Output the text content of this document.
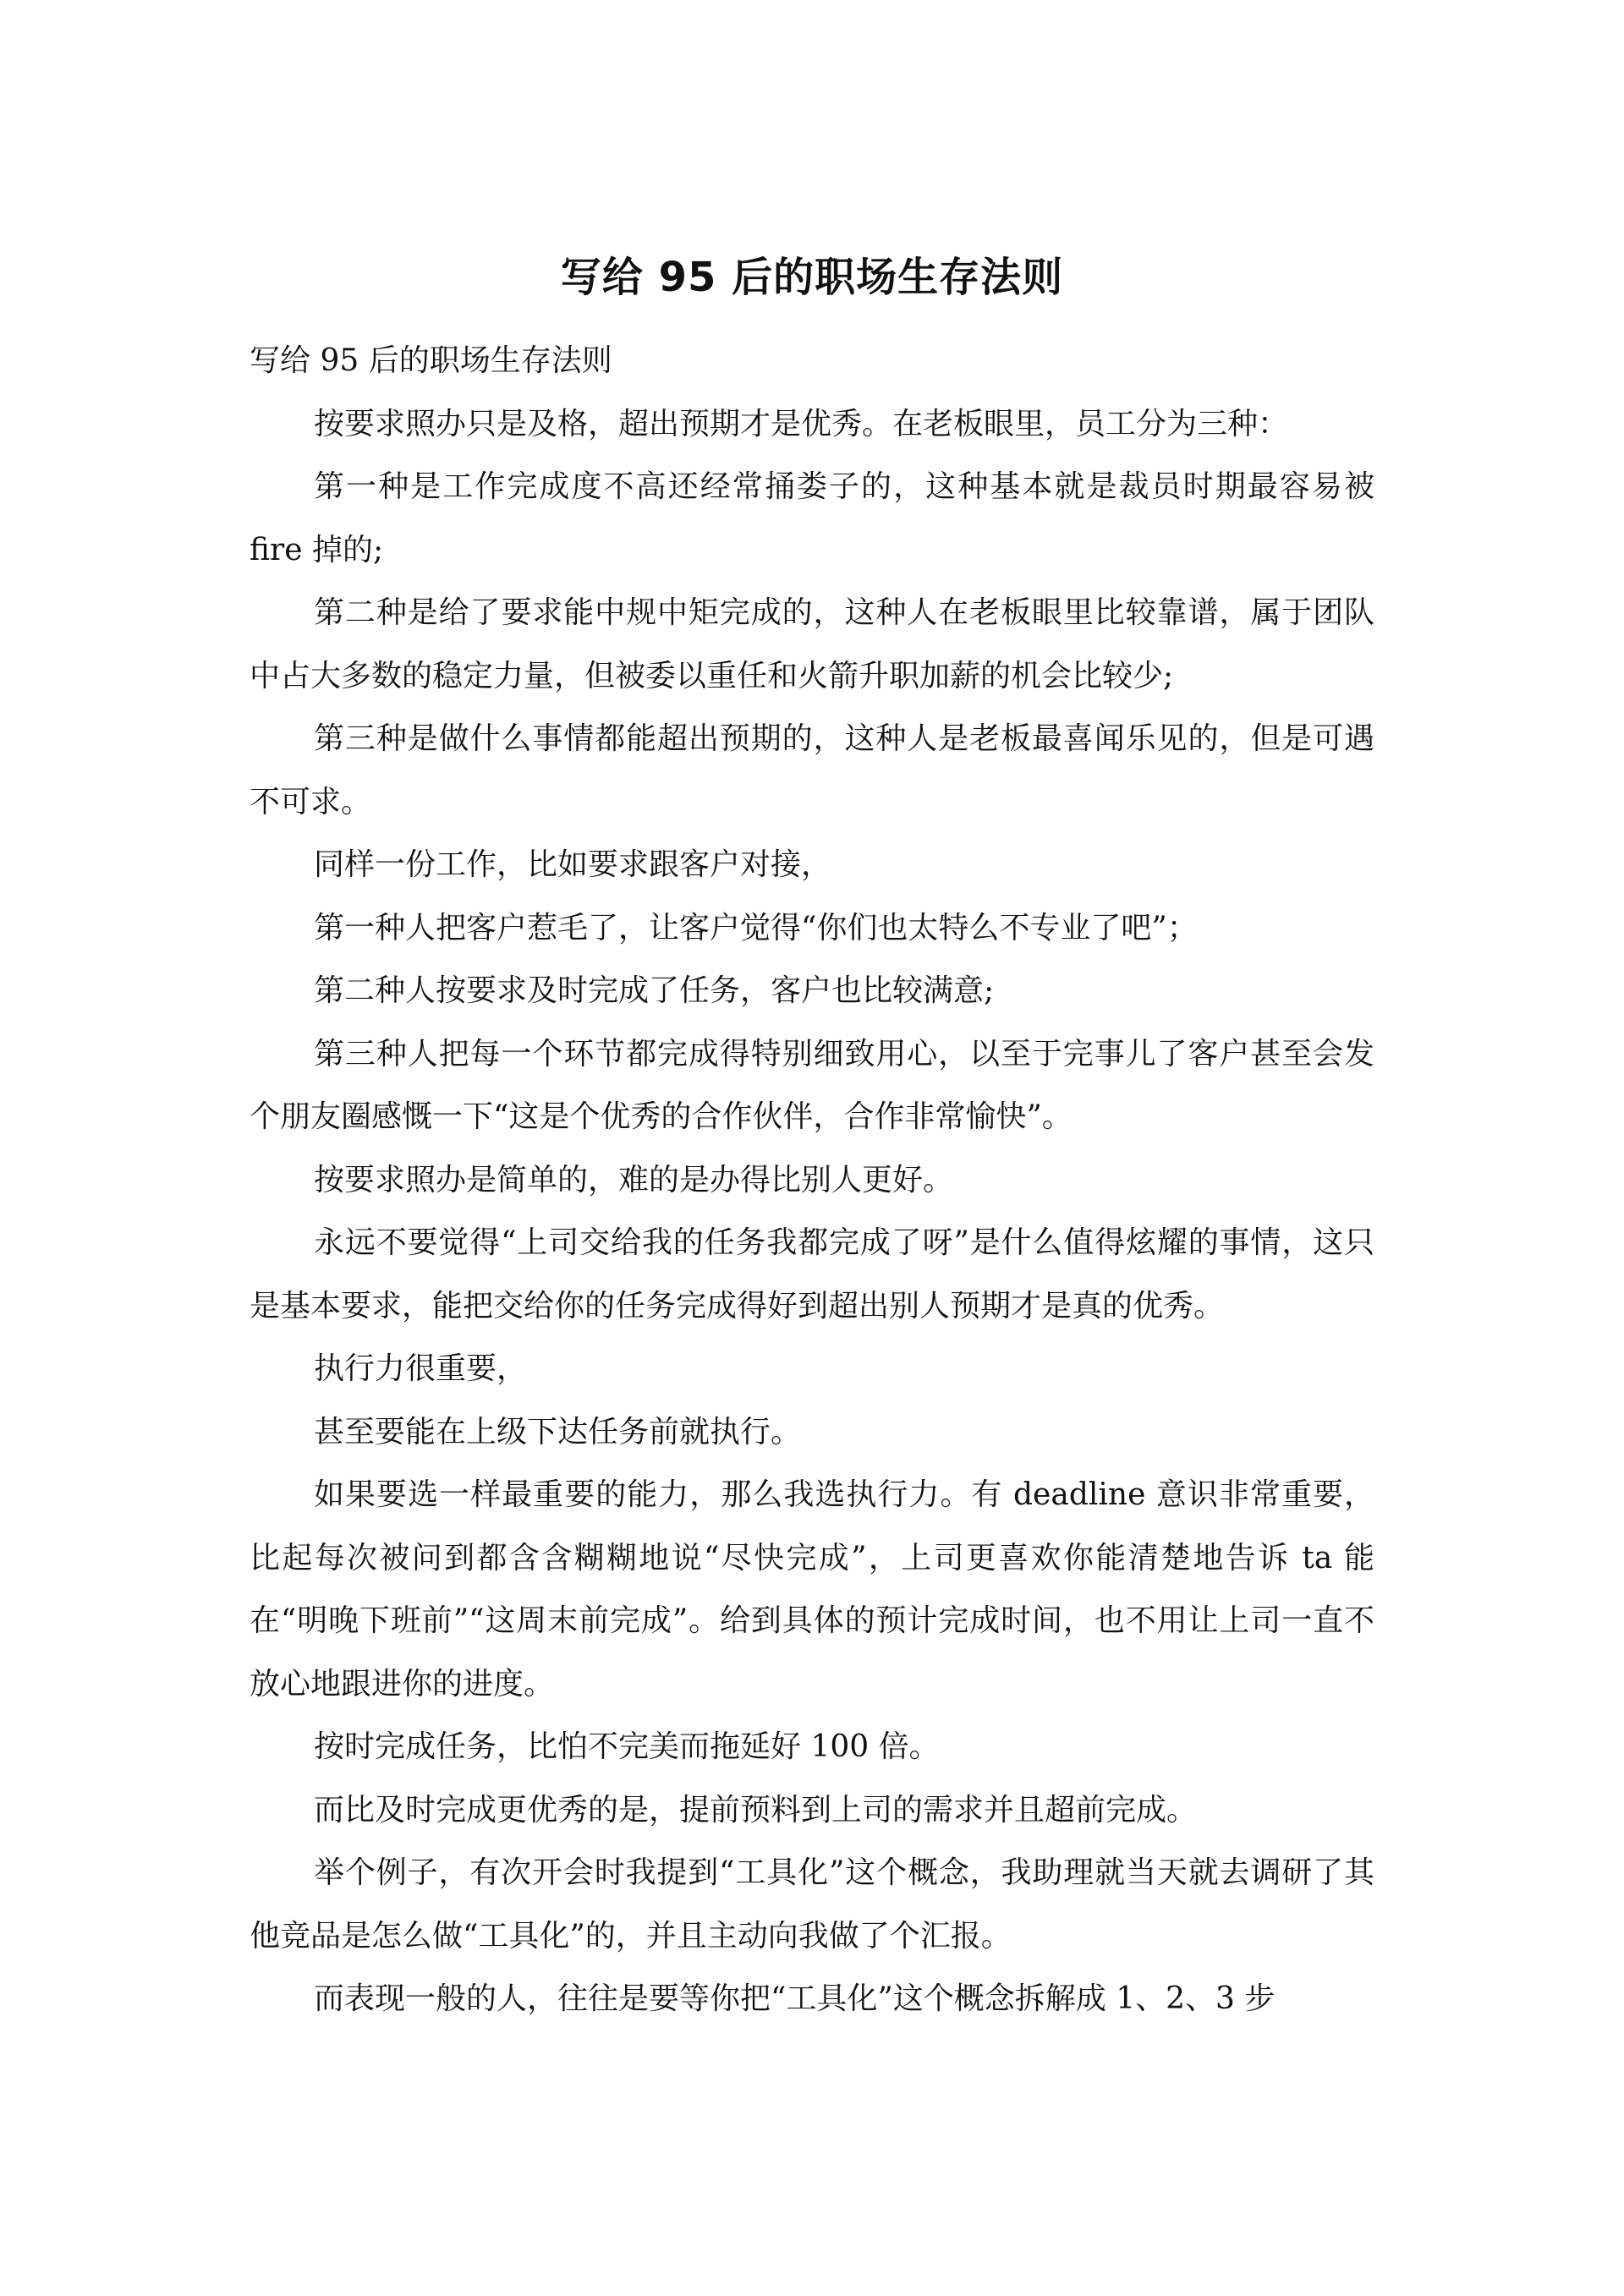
写给 95 后的职场生存法则

写给 95 后的职场生存法则

按要求照办只是及格，超出预期才是优秀。在老板眼里，员工分为三种：

第一种是工作完成度不高还经常捅娄子的，这种基本就是裁员时期最容易被 fire 掉的;

第二种是给了要求能中规中矩完成的，这种人在老板眼里比较靠谱，属于团队中占大多数的稳定力量，但被委以重任和火箭升职加薪的机会比较少;

第三种是做什么事情都能超出预期的，这种人是老板最喜闻乐见的，但是可遇不可求。

同样一份工作，比如要求跟客户对接，

第一种人把客户惹毛了，让客户觉得“你们也太特么不专业了吧”；

第二种人按要求及时完成了任务，客户也比较满意;

第三种人把每一个环节都完成得特别细致用心，以至于完事儿了客户甚至会发个朋友圈感慨一下“这是个优秀的合作伙伴，合作非常愉快”。

按要求照办是简单的，难的是办得比别人更好。

永远不要觉得“上司交给我的任务我都完成了呀”是什么值得炫耀的事情，这只是基本要求，能把交给你的任务完成得好到超出别人预期才是真的优秀。

执行力很重要，

甚至要能在上级下达任务前就执行。

如果要选一样最重要的能力，那么我选执行力。有 deadline 意识非常重要，比起每次被问到都含含糊糊地说“尽快完成”，上司更喜欢你能清楚地告诉 ta 能在“明晚下班前”“这周末前完成”。给到具体的预计完成时间，也不用让上司一直不放心地跟进你的进度。

按时完成任务，比怕不完美而拖延好 100 倍。

而比及时完成更优秀的是，提前预料到上司的需求并且超前完成。

举个例子，有次开会时我提到“工具化”这个概念，我助理就当天就去调研了其他竞品是怎么做“工具化”的，并且主动向我做了个汇报。

而表现一般的人，往往是要等你把“工具化”这个概念拆解成 1、2、3 步
